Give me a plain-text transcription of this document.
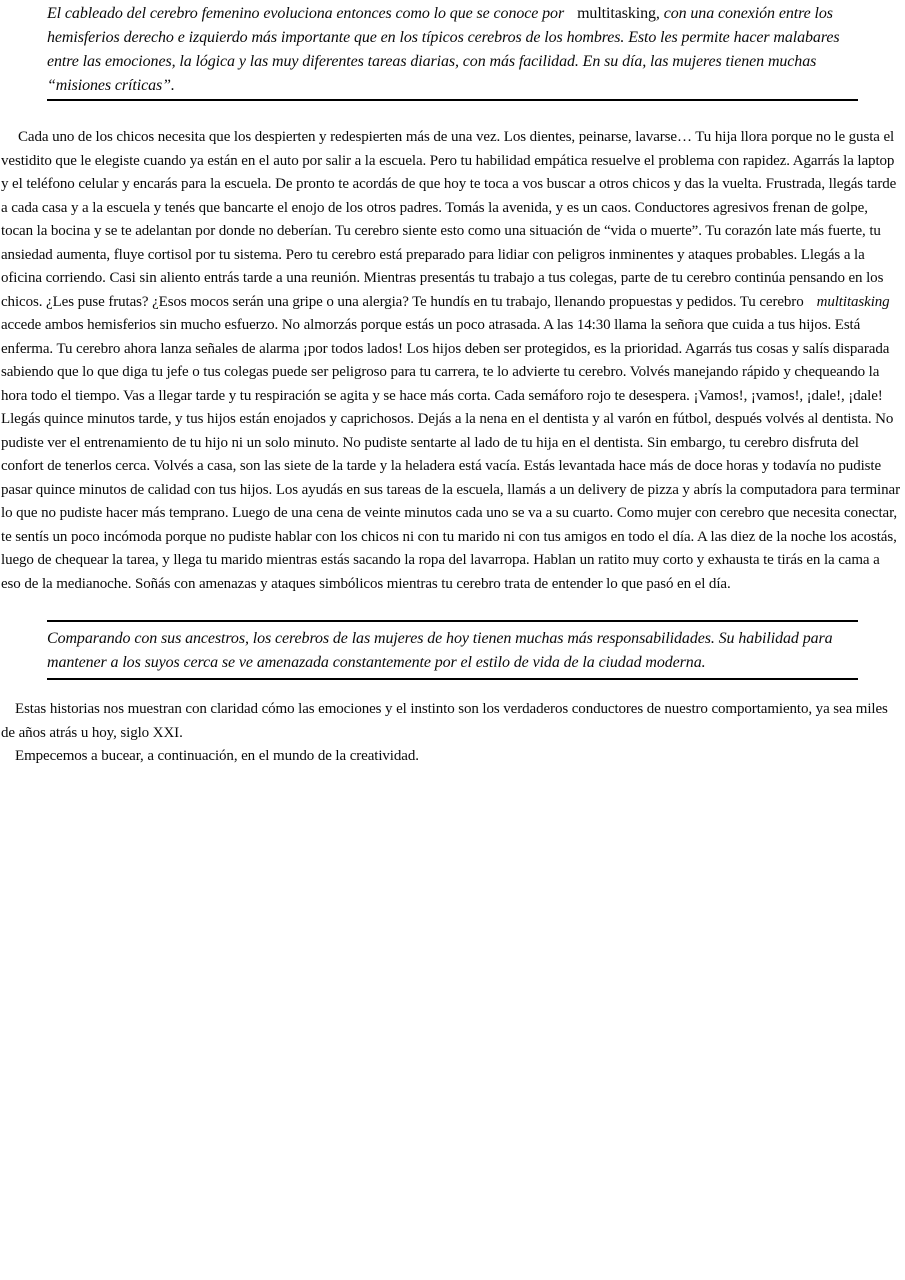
El cableado del cerebro femenino evoluciona entonces como lo que se conoce por multitasking, con una conexión entre los hemisferios derecho e izquierdo más importante que en los típicos cerebros de los hombres. Esto les permite hacer malabares entre las emociones, la lógica y las muy diferentes tareas diarias, con más facilidad. En su día, las mujeres tienen muchas “misiones críticas”.

Cada uno de los chicos necesita que los despierten y redespierten más de una vez. Los dientes, peinarse, lavarse… Tu hija llora porque no le gusta el vestidito que le elegiste cuando ya están en el auto por salir a la escuela. Pero tu habilidad empática resuelve el problema con rapidez. Agarrás la laptop y el teléfono celular y encarás para la escuela. De pronto te acordás de que hoy te toca a vos buscar a otros chicos y das la vuelta. Frustrada, llegás tarde a cada casa y a la escuela y tenés que bancarte el enojo de los otros padres. Tomás la avenida, y es un caos. Conductores agresivos frenan de golpe, tocan la bocina y se te adelantan por donde no deberían. Tu cerebro siente esto como una situación de “vida o muerte”. Tu corazón late más fuerte, tu ansiedad aumenta, fluye cortisol por tu sistema. Pero tu cerebro está preparado para lidiar con peligros inminentes y ataques probables. Llegás a la oficina corriendo. Casi sin aliento entrás tarde a una reunión. Mientras presentás tu trabajo a tus colegas, parte de tu cerebro continúa pensando en los chicos. ¿Les puse frutas? ¿Esos mocos serán una gripe o una alergia? Te hundís en tu trabajo, llenando propuestas y pedidos. Tu cerebro multitasking accede ambos hemisferios sin mucho esfuerzo. No almorzás porque estás un poco atrasada. A las 14:30 llama la señora que cuida a tus hijos. Está enferma. Tu cerebro ahora lanza señales de alarma ¡por todos lados! Los hijos deben ser protegidos, es la prioridad. Agarrás tus cosas y salís disparada sabiendo que lo que diga tu jefe o tus colegas puede ser peligroso para tu carrera, te lo advierte tu cerebro. Volvés manejando rápido y chequeando la hora todo el tiempo. Vas a llegar tarde y tu respiración se agita y se hace más corta. Cada semáforo rojo te desespera. ¡Vamos!, ¡vamos!, ¡dale!, ¡dale! Llegás quince minutos tarde, y tus hijos están enojados y caprichosos. Dejás a la nena en el dentista y al varón en fútbol, después volvés al dentista. No pudiste ver el entrenamiento de tu hijo ni un solo minuto. No pudiste sentarte al lado de tu hija en el dentista. Sin embargo, tu cerebro disfruta del confort de tenerlos cerca. Volvés a casa, son las siete de la tarde y la heladera está vacía. Estás levantada hace más de doce horas y todavía no pudiste pasar quince minutos de calidad con tus hijos. Los ayudás en sus tareas de la escuela, llamás a un delivery de pizza y abrís la computadora para terminar lo que no pudiste hacer más temprano. Luego de una cena de veinte minutos cada uno se va a su cuarto. Como mujer con cerebro que necesita conectar, te sentís un poco incómoda porque no pudiste hablar con los chicos ni con tu marido ni con tus amigos en todo el día. A las diez de la noche los acostás, luego de chequear la tarea, y llega tu marido mientras estás sacando la ropa del lavarropa. Hablan un ratito muy corto y exhausta te tirás en la cama a eso de la medianoche. Soñás con amenazas y ataques simbólicos mientras tu cerebro trata de entender lo que pasó en el día.

Comparando con sus ancestros, los cerebros de las mujeres de hoy tienen muchas más responsabilidades. Su habilidad para mantener a los suyos cerca se ve amenazada constantemente por el estilo de vida de la ciudad moderna.

Estas historias nos muestran con claridad cómo las emociones y el instinto son los verdaderos conductores de nuestro comportamiento, ya sea miles de años atrás u hoy, siglo XXI.

Empecemos a bucear, a continuación, en el mundo de la creatividad.
